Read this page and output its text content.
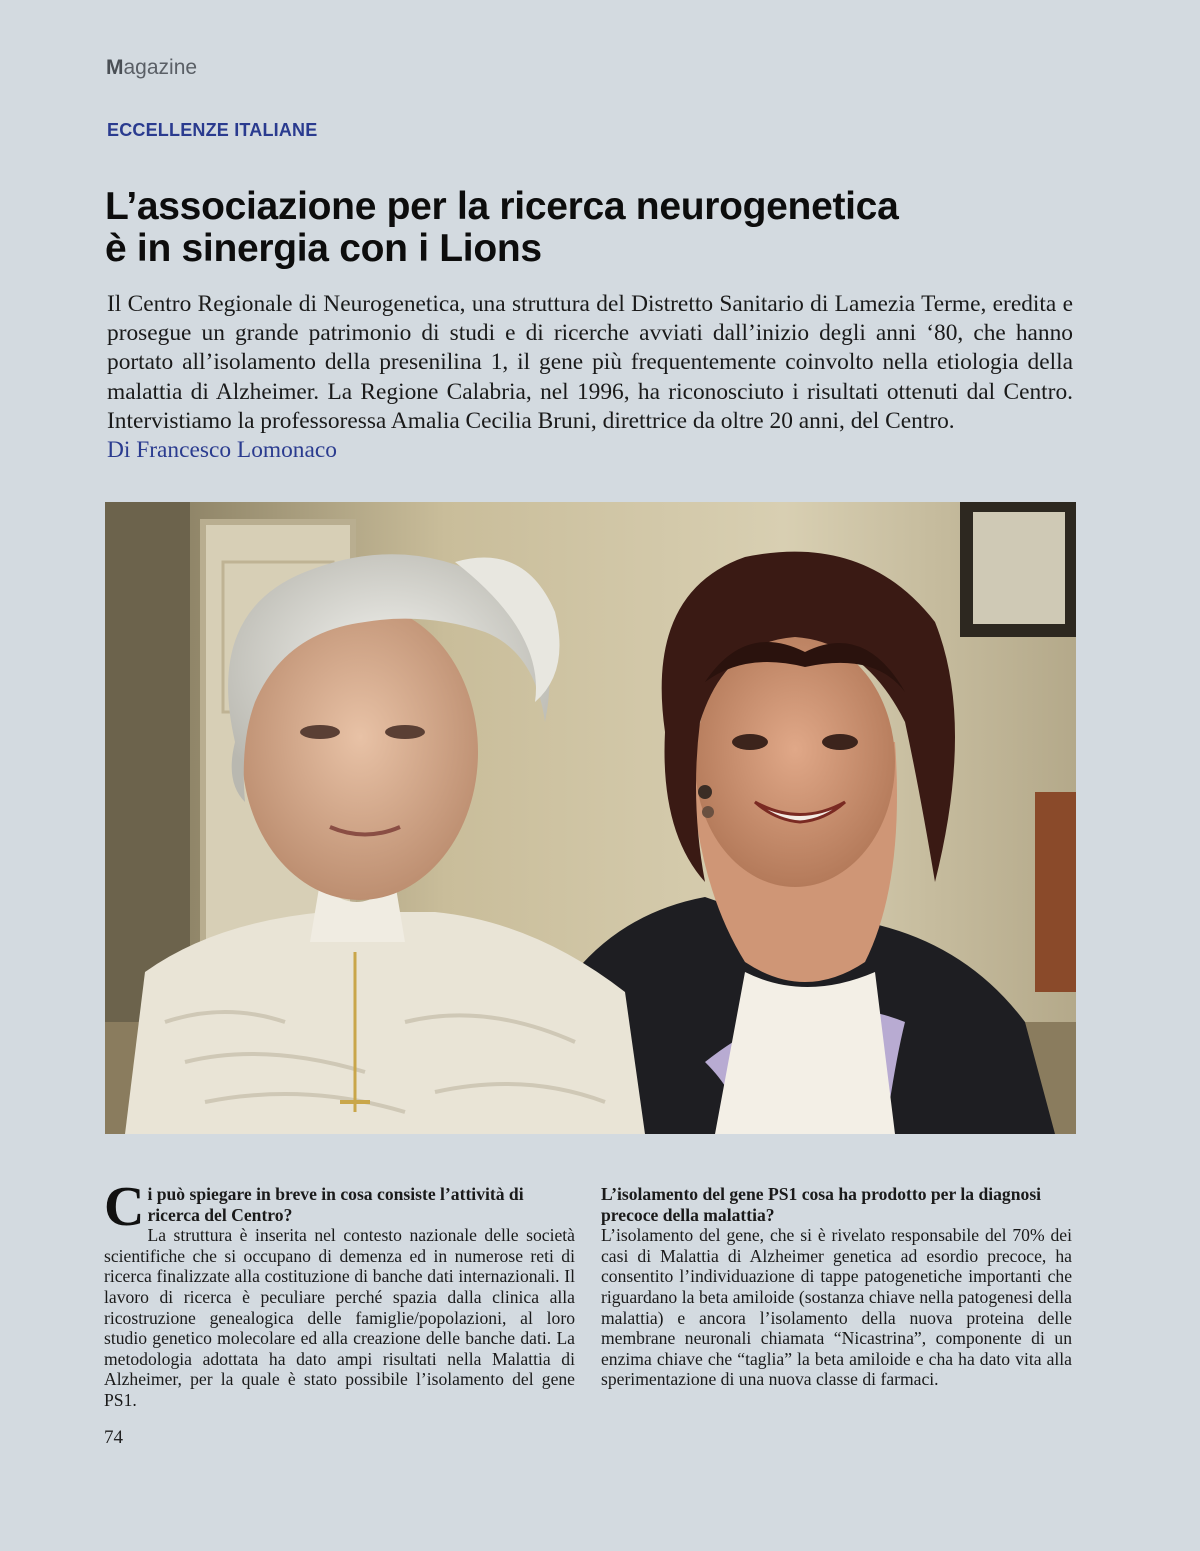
Magazine
ECCELLENZE ITALIANE
L’associazione per la ricerca neurogenetica
è in sinergia con i Lions
Il Centro Regionale di Neurogenetica, una struttura del Distretto Sanitario di Lamezia Terme, eredita e prosegue un grande patrimonio di studi e di ricerche avviati dall’inizio degli anni ‘80, che hanno portato all’isolamento della presenilina 1, il gene più frequentemente coinvolto nella etiologia della malattia di Alzheimer. La Regione Calabria, nel 1996, ha riconosciuto i risultati ottenuti dal Centro. Intervistiamo la professoressa Amalia Cecilia Bruni, direttrice da oltre 20 anni, del Centro.
Di Francesco Lomonaco

Ci può spiegare in breve in cosa consiste l’attività di ricerca del Centro?

La struttura è inserita nel contesto nazionale delle società scientifiche che si occupano di demenza ed in numerose reti di ricerca finalizzate alla costituzione di banche dati internazionali. Il lavoro di ricerca è peculiare perché spazia dalla clinica alla ricostruzione genealogica delle famiglie/popolazioni, al loro studio genetico molecolare ed alla creazione delle banche dati. La metodologia adottata ha dato ampi risultati nella Malattia di Alzheimer, per la quale è stato possibile l’isolamento del gene PS1.

L’isolamento del gene PS1 cosa ha prodotto per la diagnosi precoce della malattia?

L’isolamento del gene, che si è rivelato responsabile del 70% dei casi di Malattia di Alzheimer genetica ad esordio precoce, ha consentito l’individuazione di tappe patogenetiche importanti che riguardano la beta amiloide (sostanza chiave nella patogenesi della malattia) e ancora l’isolamento della nuova proteina delle membrane neuronali chiamata “Nicastrina”, componente di un enzima chiave che “taglia” la beta amiloide e cha ha dato vita alla sperimentazione di una nuova classe di farmaci.

74
